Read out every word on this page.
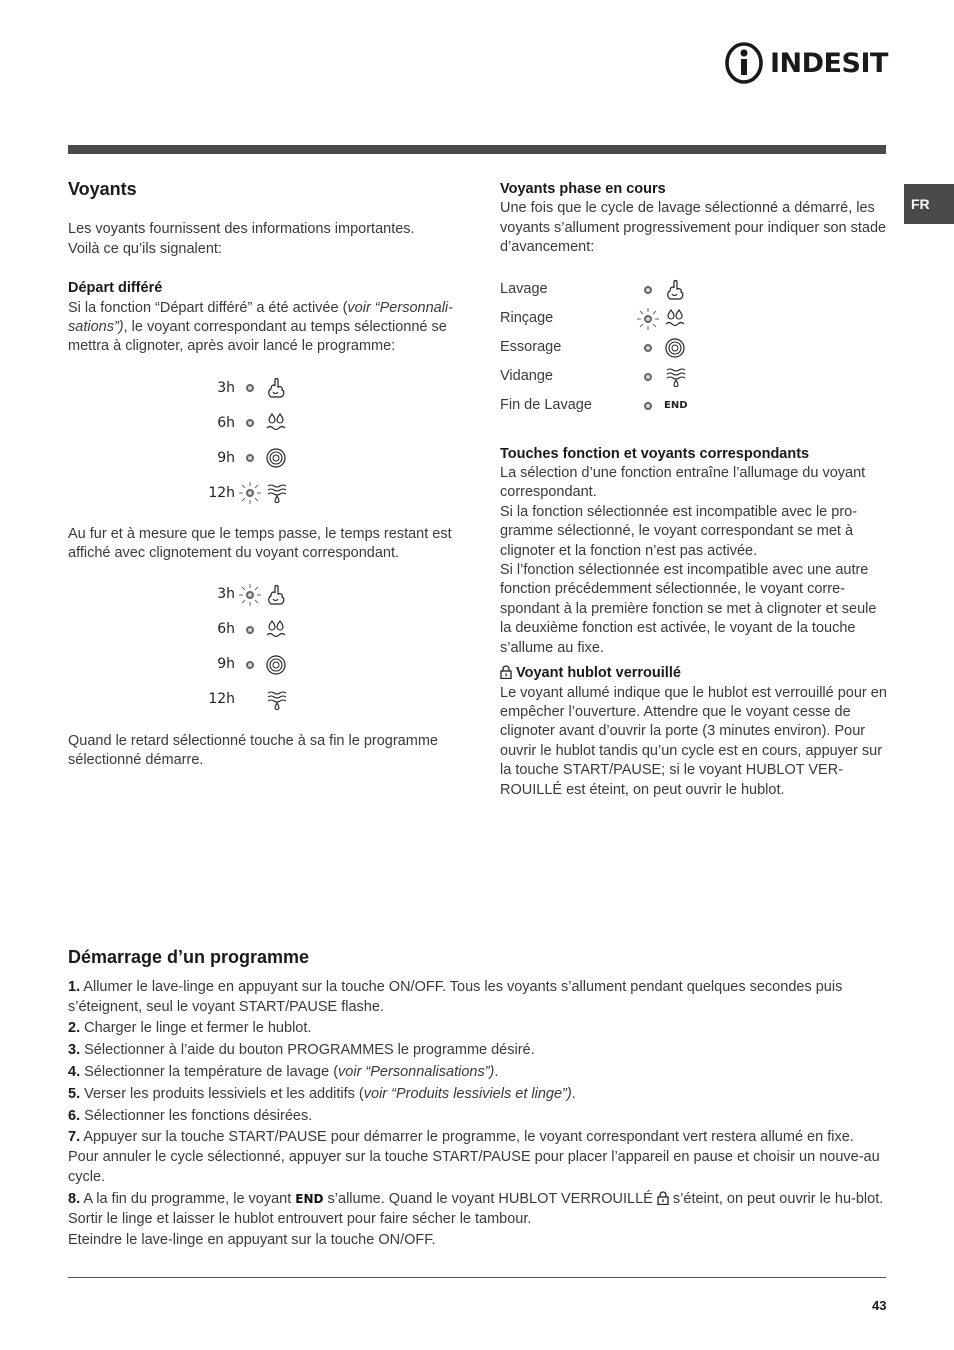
INDESIT
FR
Voyants

Les voyants fournissent des informations importantes.

Voilà ce qu’ils signalent:

Départ différé

Si la fonction “Départ différé” a été activée (voir “Personnali-sations”), le voyant correspondant au temps sélectionné se mettra à clignoter, après avoir lancé le programme:

3h
6h
9h
12h

Au fur et à mesure que le temps passe, le temps restant est affiché avec clignotement du voyant correspondant.

3h
6h
9h
12h

Quand le retard sélectionné touche à sa fin le programme sélectionné démarre.

Voyants phase en cours

Une fois que le cycle de lavage sélectionné a démarré, les voyants s’allument progressivement pour indiquer son stade d’avancement:

Lavage
Rinçage
Essorage
Vidange
Fin de Lavage	END
Touches fonction et voyants correspondants

La sélection d’une fonction entraîne l’allumage du voyant correspondant.

Si la fonction sélectionnée est incompatible avec le pro-gramme sélectionné, le voyant correspondant se met à clignoter et la fonction n’est pas activée.

Si l’fonction sélectionnée est incompatible avec une autre fonction précédemment sélectionnée, le voyant corre-spondant à la première fonction se met à clignoter et seule la deuxième fonction est activée, le voyant de la touche s’allume au fixe.

Voyant hublot verrouillé

Le voyant allumé indique que le hublot est verrouillé pour en empêcher l’ouverture. Attendre que le voyant cesse de clignoter avant d’ouvrir la porte (3 minutes environ). Pour ouvrir le hublot tandis qu’un cycle est en cours, appuyer sur la touche START/PAUSE; si le voyant HUBLOT VER-ROUILLÉ est éteint, on peut ouvrir le hublot.

Démarrage d’un programme

1. Allumer le lave-linge en appuyant sur la touche ON/OFF. Tous les voyants s’allument pendant quelques secondes puis s’éteignent, seul le voyant START/PAUSE flashe.

2. Charger le linge et fermer le hublot.

3. Sélectionner à l’aide du bouton PROGRAMMES le programme désiré.

4. Sélectionner la température de lavage (voir “Personnalisations”).

5. Verser les produits lessiviels et les additifs (voir “Produits lessiviels et linge”).

6. Sélectionner les fonctions désirées.

7. Appuyer sur la touche START/PAUSE pour démarrer le programme, le voyant correspondant vert restera allumé en fixe. Pour annuler le cycle sélectionné, appuyer sur la touche START/PAUSE pour placer l’appareil en pause et choisir un nouve-au cycle.

8. A la fin du programme, le voyant END s’allume. Quand le voyant HUBLOT VERROUILLÉ  s’éteint, on peut ouvrir le hu-blot. Sortir le linge et laisser le hublot entrouvert pour faire sécher le tambour.

Eteindre le lave-linge en appuyant sur la touche ON/OFF.

43
